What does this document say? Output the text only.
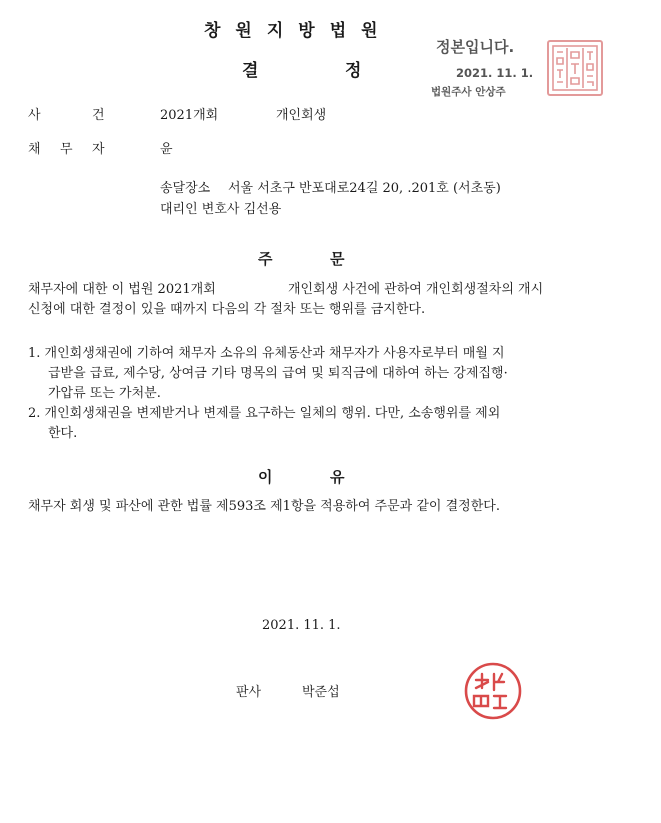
창원지방법원
결	정
정본입니다.
2021. 11. 1.
법원주사 안상주
사	건	2021개회	개인회생
채 무 자	윤
송달장소 서울 서초구 반포대로24길 20, .201호 (서초동)
대리인 변호사 김선용
주	문
채무자에 대한 이 법원 2021개회	개인회생 사건에 관하여 개인회생절차의 개시
신청에 대한 결정이 있을 때까지 다음의 각 절차 또는 행위를 금지한다.
1. 개인회생채권에 기하여 채무자 소유의 유체동산과 채무자가 사용자로부터 매월 지
급받을 급료, 제수당, 상여금 기타 명목의 급여 및 퇴직금에 대하여 하는 강제집행·
가압류 또는 가처분.
2. 개인회생채권을 변제받거나 변제를 요구하는 일체의 행위. 다만, 소송행위를 제외
한다.
이	유
채무자 회생 및 파산에 관한 법률 제593조 제1항을 적용하여 주문과 같이 결정한다.
2021. 11. 1.
판사	박준섭
